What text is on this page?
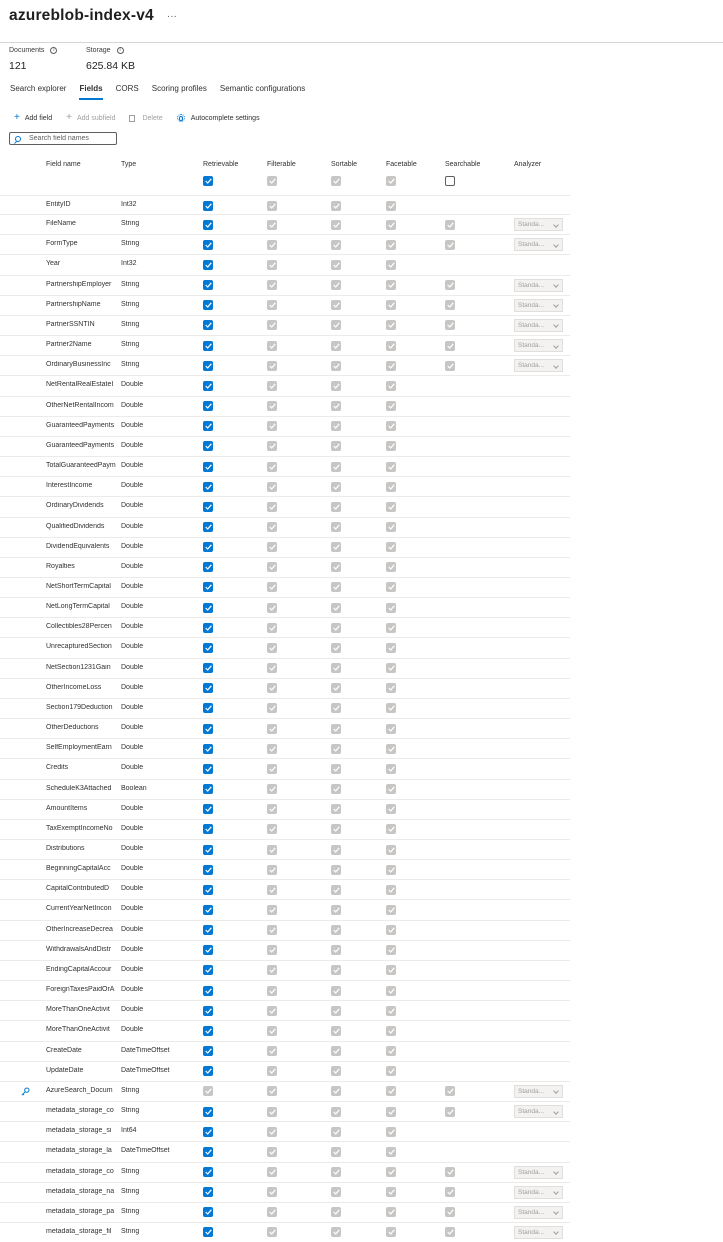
azureblob-index-v4 ···
Documents	i
121
Storage	i
625.84 KB
Search explorer Fields CORS Scoring profiles Semantic configurations
+ Add field + Add subfield	Delete	Autocomplete settings
Search field names
Field name	Type	Retrievable	Filterable	Sortable	Facetable	Searchable	Analyzer
EntityID	Int32
FileName	String	Standa...
FormType	String	Standa...
Year	Int32
PartnershipEmployer	String	Standa...
PartnershipName	String	Standa...
PartnerSSNTIN	String	Standa...
Partner2Name	String	Standa...
OrdinaryBusinessInc	String	Standa...
NetRentalRealEstateI	Double
OtherNetRentalIncom	Double
GuaranteedPayments Double
GuaranteedPayments Double
TotalGuaranteedPaym Double
InterestIncome	Double
OrdinaryDividends	Double
QualifiedDividends	Double
DividendEquivalents	Double
Royalties	Double
NetShortTermCapital	Double
NetLongTermCapital	Double
Collectibles28Percen	Double
UnrecapturedSection	Double
NetSection1231Gain	Double
OtherIncomeLoss	Double
Section179Deduction	Double
OtherDeductions	Double
SelfEmploymentEarn	Double
Credits	Double
ScheduleK3Attached	Boolean
AmountItems	Double
TaxExemptIncomeNo	Double
Distributions	Double
BeginningCapitalAcc	Double
CapitalContributedD	Double
CurrentYearNetIncon	Double
OtherIncreaseDecrea	Double
WithdrawalsAndDistr	Double
EndingCapitalAccour	Double
ForeignTaxesPaidOrA Double
MoreThanOneActivit	Double
MoreThanOneActivit	Double
CreateDate	DateTimeOffset
UpdateDate	DateTimeOffset
AzureSearch_Docum	String	Standa...
metadata_storage_co	String	Standa...
metadata_storage_si	Int64
metadata_storage_la	DateTimeOffset
metadata_storage_co	String	Standa...
metadata_storage_na String	Standa...
metadata_storage_pa String	Standa...
metadata_storage_fil	String	Standa...
